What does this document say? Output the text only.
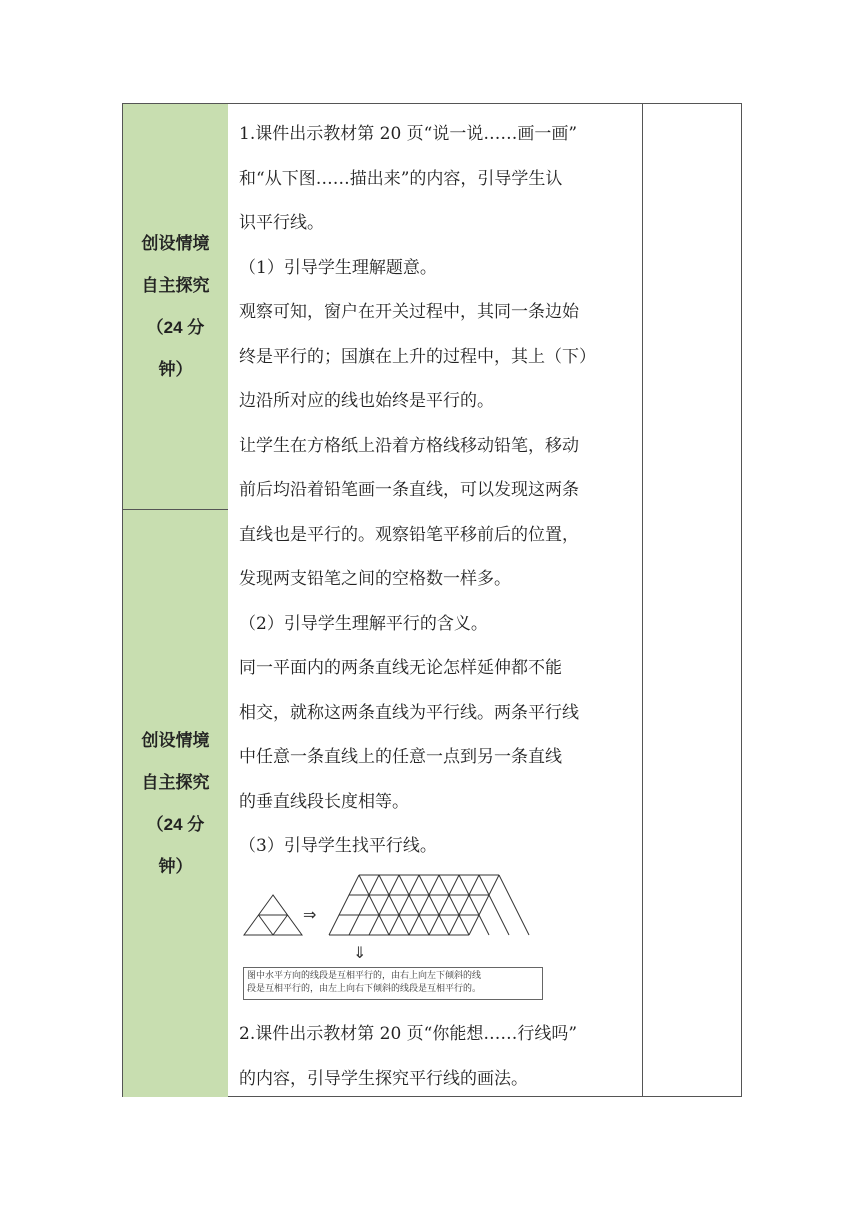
创设情境
自主探究
（24 分
钟）
创设情境
自主探究
（24 分
钟）
1.课件出示教材第 20 页“说一说……画一画”
和“从下图……描出来”的内容，引导学生认
识平行线。
（1）引导学生理解题意。
观察可知，窗户在开关过程中，其同一条边始
终是平行的；国旗在上升的过程中，其上（下）
边沿所对应的线也始终是平行的。
让学生在方格纸上沿着方格线移动铅笔，移动
前后均沿着铅笔画一条直线，可以发现这两条
直线也是平行的。观察铅笔平移前后的位置，
发现两支铅笔之间的空格数一样多。
（2）引导学生理解平行的含义。
同一平面内的两条直线无论怎样延伸都不能
相交，就称这两条直线为平行线。两条平行线
中任意一条直线上的任意一点到另一条直线
的垂直线段长度相等。
（3）引导学生找平行线。
⇒
⇓
图中水平方向的线段是互相平行的，由右上向左下倾斜的线
段是互相平行的，由左上向右下倾斜的线段是互相平行的。
2.课件出示教材第 20 页“你能想……行线吗”
的内容，引导学生探究平行线的画法。
